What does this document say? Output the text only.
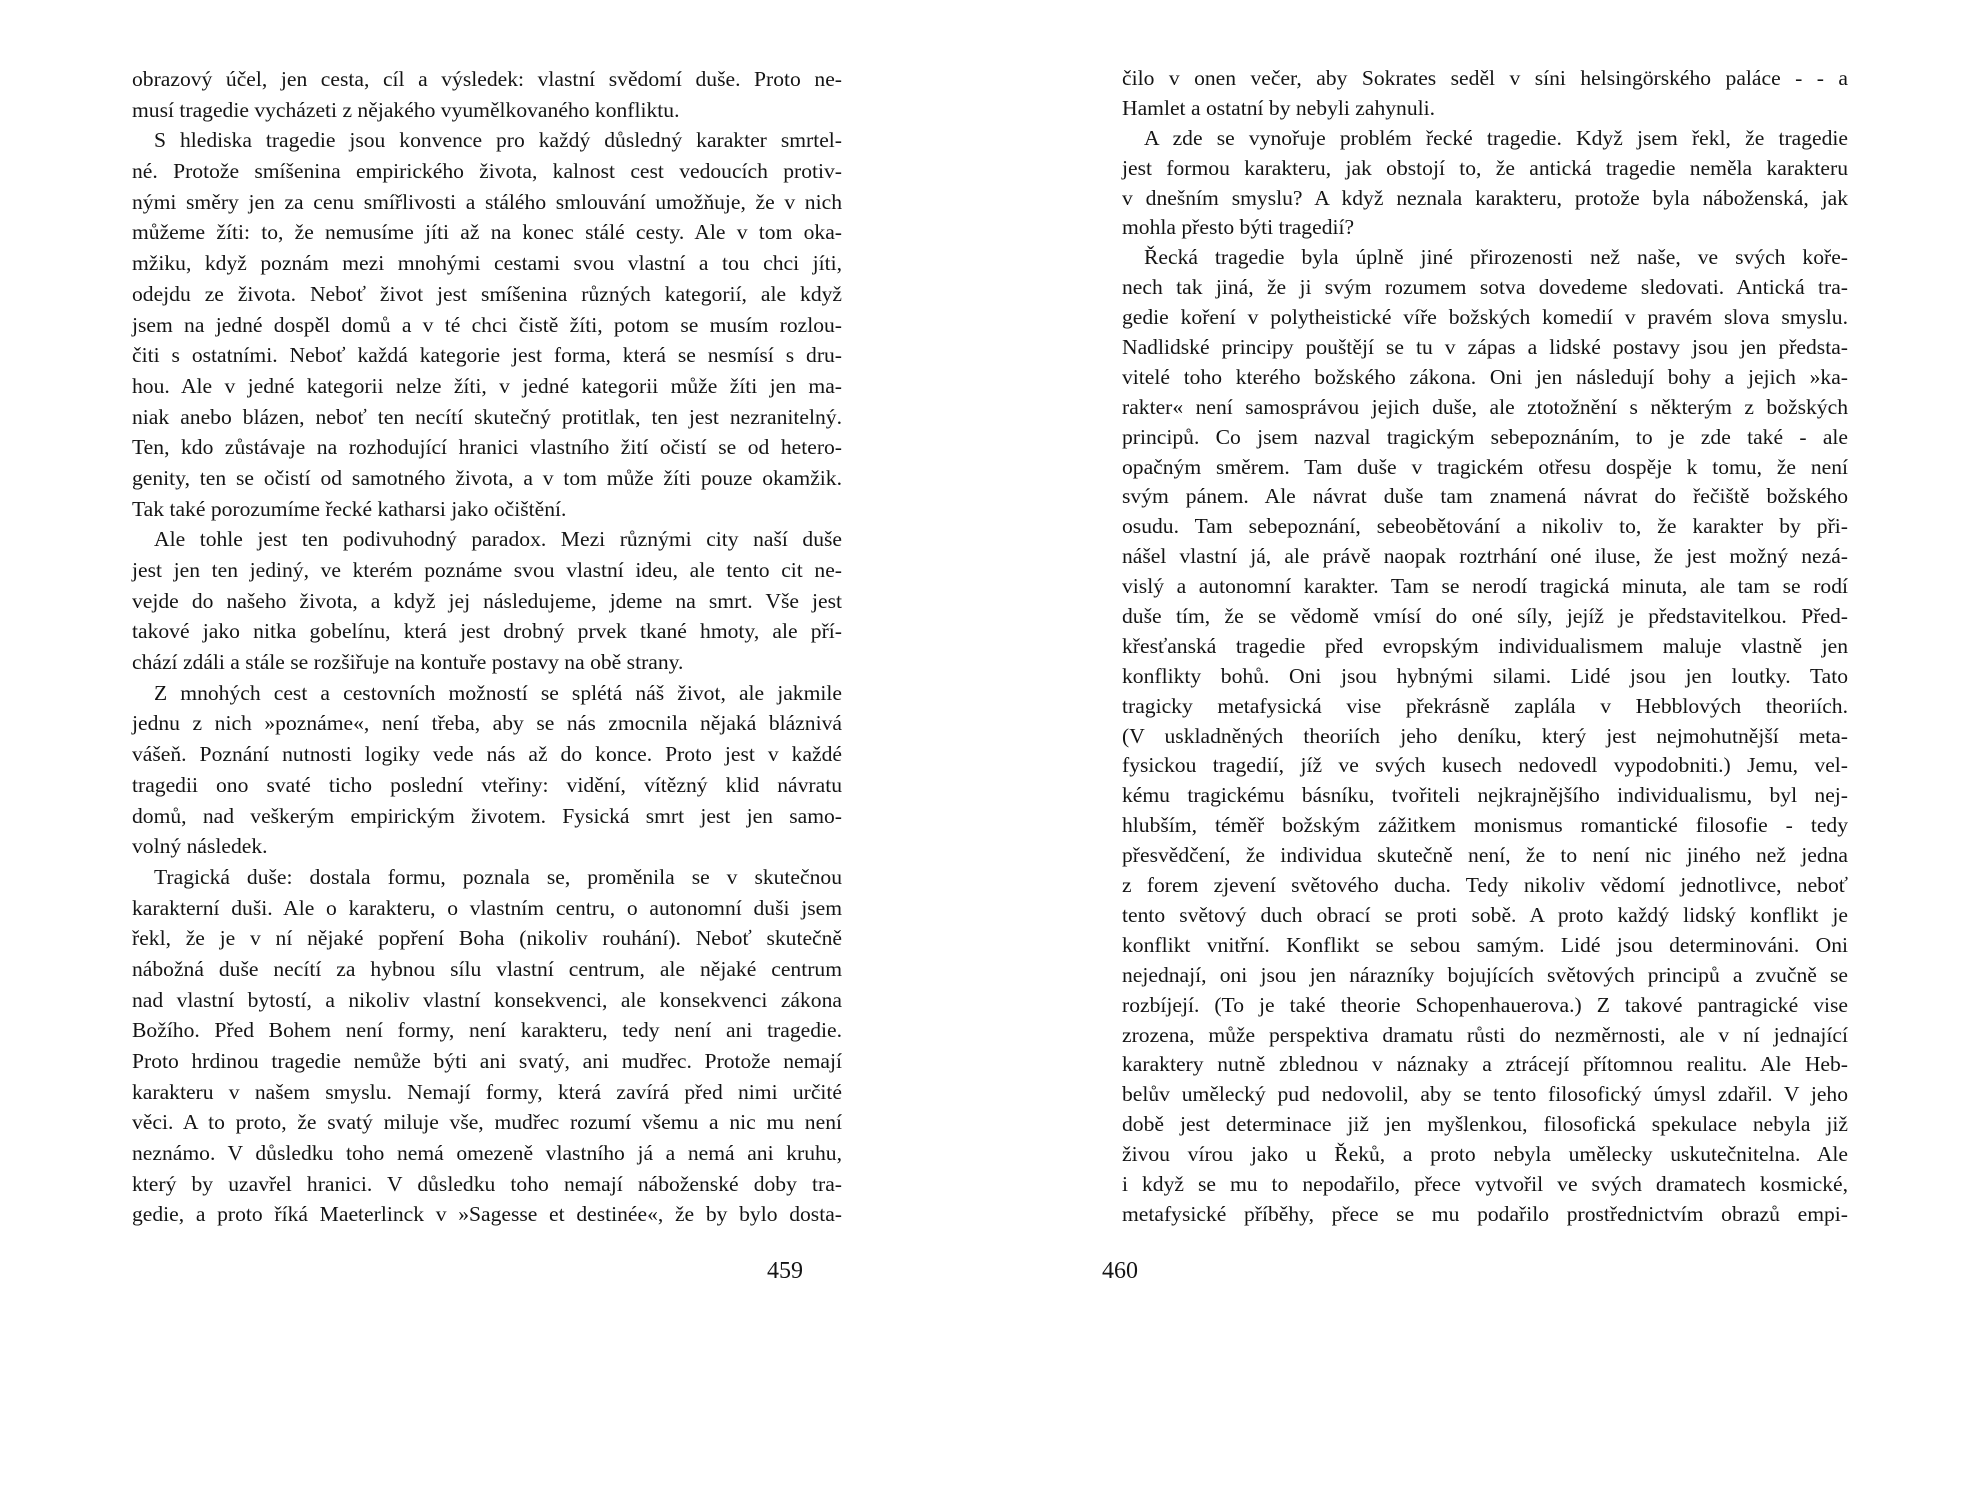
obrazový účel, jen cesta, cíl a výsledek: vlastní svědomí duše. Proto ne-
musí tragedie vycházeti z nějakého vyumělkovaného konfliktu.
S hlediska tragedie jsou konvence pro každý důsledný karakter smrtel-
né. Protože smíšenina empirického života, kalnost cest vedoucích protiv-
nými směry jen za cenu smířlivosti a stálého smlouvání umožňuje, že v nich
můžeme žíti: to, že nemusíme jíti až na konec stálé cesty. Ale v tom oka-
mžiku, když poznám mezi mnohými cestami svou vlastní a tou chci jíti,
odejdu ze života. Neboť život jest smíšenina různých kategorií, ale když
jsem na jedné dospěl domů a v té chci čistě žíti, potom se musím rozlou-
čiti s ostatními. Neboť každá kategorie jest forma, která se nesmísí s dru-
hou. Ale v jedné kategorii nelze žíti, v jedné kategorii může žíti jen ma-
niak anebo blázen, neboť ten necítí skutečný protitlak, ten jest nezranitelný.
Ten, kdo zůstávaje na rozhodující hranici vlastního žití očistí se od hetero-
genity, ten se očistí od samotného života, a v tom může žíti pouze okamžik.
Tak také porozumíme řecké katharsi jako očištění.
Ale tohle jest ten podivuhodný paradox. Mezi různými city naší duše
jest jen ten jediný, ve kterém poznáme svou vlastní ideu, ale tento cit ne-
vejde do našeho života, a když jej následujeme, jdeme na smrt. Vše jest
takové jako nitka gobelínu, která jest drobný prvek tkané hmoty, ale pří-
chází zdáli a stále se rozšiřuje na kontuře postavy na obě strany.
Z mnohých cest a cestovních možností se splétá náš život, ale jakmile
jednu z nich »poznáme«, není třeba, aby se nás zmocnila nějaká bláznivá
vášeň. Poznání nutnosti logiky vede nás až do konce. Proto jest v každé
tragedii ono svaté ticho poslední vteřiny: vidění, vítězný klid návratu
domů, nad veškerým empirickým životem. Fysická smrt jest jen samo-
volný následek.
Tragická duše: dostala formu, poznala se, proměnila se v skutečnou
karakterní duši. Ale o karakteru, o vlastním centru, o autonomní duši jsem
řekl, že je v ní nějaké popření Boha (nikoliv rouhání). Neboť skutečně
nábožná duše necítí za hybnou sílu vlastní centrum, ale nějaké centrum
nad vlastní bytostí, a nikoliv vlastní konsekvenci, ale konsekvenci zákona
Božího. Před Bohem není formy, není karakteru, tedy není ani tragedie.
Proto hrdinou tragedie nemůže býti ani svatý, ani mudřec. Protože nemají
karakteru v našem smyslu. Nemají formy, která zavírá před nimi určité
věci. A to proto, že svatý miluje vše, mudřec rozumí všemu a nic mu není
neznámo. V důsledku toho nemá omezeně vlastního já a nemá ani kruhu,
který by uzavřel hranici. V důsledku toho nemají náboženské doby tra-
gedie, a proto říká Maeterlinck v »Sagesse et destinée«, že by bylo dosta-
čilo v onen večer, aby Sokrates seděl v síni helsingörského paláce - - a
Hamlet a ostatní by nebyli zahynuli.
A zde se vynořuje problém řecké tragedie. Když jsem řekl, že tragedie
jest formou karakteru, jak obstojí to, že antická tragedie neměla karakteru
v dnešním smyslu? A když neznala karakteru, protože byla náboženská, jak
mohla přesto býti tragedií?
Řecká tragedie byla úplně jiné přirozenosti než naše, ve svých koře-
nech tak jiná, že ji svým rozumem sotva dovedeme sledovati. Antická tra-
gedie koření v polytheistické víře božských komedií v pravém slova smyslu.
Nadlidské principy pouštějí se tu v zápas a lidské postavy jsou jen předsta-
vitelé toho kterého božského zákona. Oni jen následují bohy a jejich »ka-
rakter« není samosprávou jejich duše, ale ztotožnění s některým z božských
principů. Co jsem nazval tragickým sebepoznáním, to je zde také - ale
opačným směrem. Tam duše v tragickém otřesu dospěje k tomu, že není
svým pánem. Ale návrat duše tam znamená návrat do řečiště božského
osudu. Tam sebepoznání, sebeobětování a nikoliv to, že karakter by při-
nášel vlastní já, ale právě naopak roztrhání oné iluse, že jest možný nezá-
vislý a autonomní karakter. Tam se nerodí tragická minuta, ale tam se rodí
duše tím, že se vědomě vmísí do oné síly, jejíž je představitelkou. Před-
křesťanská tragedie před evropským individualismem maluje vlastně jen
konflikty bohů. Oni jsou hybnými silami. Lidé jsou jen loutky. Tato
tragicky metafysická vise překrásně zaplála v Hebblových theoriích.
(V uskladněných theoriích jeho deníku, který jest nejmohutnější meta-
fysickou tragedií, jíž ve svých kusech nedovedl vypodobniti.) Jemu, vel-
kému tragickému básníku, tvořiteli nejkrajnějšího individualismu, byl nej-
hlubším, téměř božským zážitkem monismus romantické filosofie - tedy
přesvědčení, že individua skutečně není, že to není nic jiného než jedna
z forem zjevení světového ducha. Tedy nikoliv vědomí jednotlivce, neboť
tento světový duch obrací se proti sobě. A proto každý lidský konflikt je
konflikt vnitřní. Konflikt se sebou samým. Lidé jsou determinováni. Oni
nejednají, oni jsou jen nárazníky bojujících světových principů a zvučně se
rozbíjejí. (To je také theorie Schopenhauerova.) Z takové pantragické vise
zrozena, může perspektiva dramatu růsti do nezměrnosti, ale v ní jednající
karaktery nutně zblednou v náznaky a ztrácejí přítomnou realitu. Ale Heb-
belův umělecký pud nedovolil, aby se tento filosofický úmysl zdařil. V jeho
době jest determinace již jen myšlenkou, filosofická spekulace nebyla již
živou vírou jako u Řeků, a proto nebyla umělecky uskutečnitelna. Ale
i když se mu to nepodařilo, přece vytvořil ve svých dramatech kosmické,
metafysické příběhy, přece se mu podařilo prostřednictvím obrazů empi-
459	460
